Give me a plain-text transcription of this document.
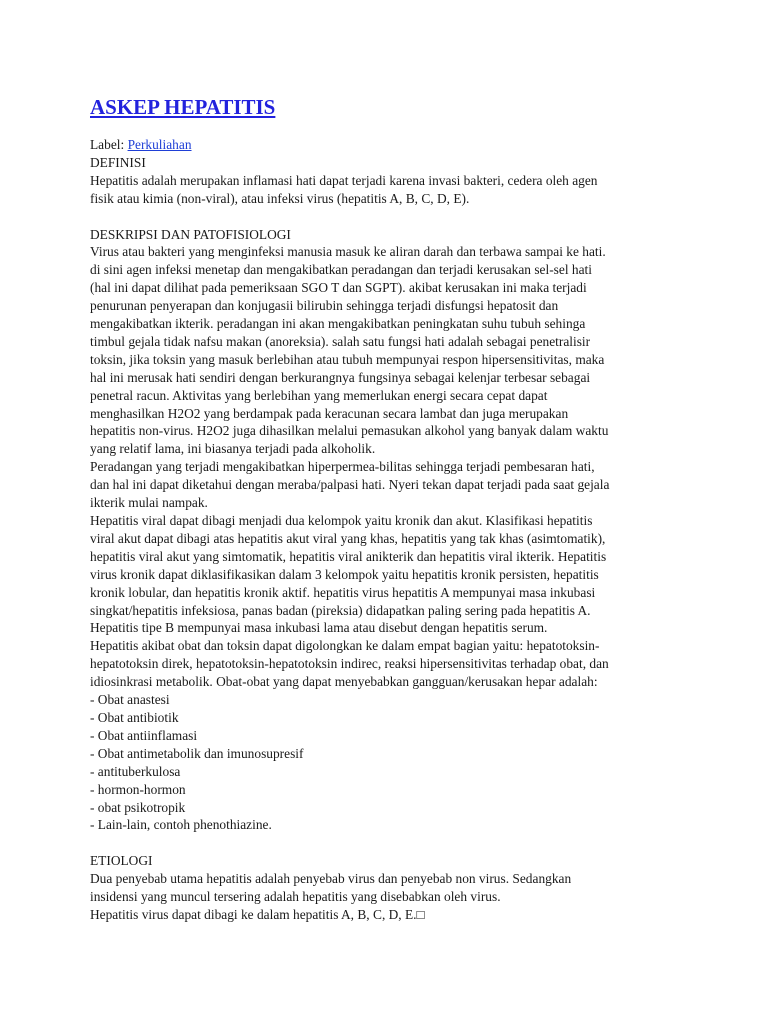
ASKEP HEPATITIS
Label: Perkuliahan
DEFINISI
Hepatitis adalah merupakan inflamasi hati dapat terjadi karena invasi bakteri, cedera oleh agen
fisik atau kimia (non-viral), atau infeksi virus (hepatitis A, B, C, D, E).
DESKRIPSI DAN PATOFISIOLOGI
Virus atau bakteri yang menginfeksi manusia masuk ke aliran darah dan terbawa sampai ke hati.
di sini agen infeksi menetap dan mengakibatkan peradangan dan terjadi kerusakan sel-sel hati
(hal ini dapat dilihat pada pemeriksaan SGO T dan SGPT). akibat kerusakan ini maka terjadi
penurunan penyerapan dan konjugasii bilirubin sehingga terjadi disfungsi hepatosit dan
mengakibatkan ikterik. peradangan ini akan mengakibatkan peningkatan suhu tubuh sehinga
timbul gejala tidak nafsu makan (anoreksia). salah satu fungsi hati adalah sebagai penetralisir
toksin, jika toksin yang masuk berlebihan atau tubuh mempunyai respon hipersensitivitas, maka
hal ini merusak hati sendiri dengan berkurangnya fungsinya sebagai kelenjar terbesar sebagai
penetral racun. Aktivitas yang berlebihan yang memerlukan energi secara cepat dapat
menghasilkan H2O2 yang berdampak pada keracunan secara lambat dan juga merupakan
hepatitis non-virus. H2O2 juga dihasilkan melalui pemasukan alkohol yang banyak dalam waktu
yang relatif lama, ini biasanya terjadi pada alkoholik.
Peradangan yang terjadi mengakibatkan hiperpermea-bilitas sehingga terjadi pembesaran hati,
dan hal ini dapat diketahui dengan meraba/palpasi hati. Nyeri tekan dapat terjadi pada saat gejala
ikterik mulai nampak.
Hepatitis viral dapat dibagi menjadi dua kelompok yaitu kronik dan akut. Klasifikasi hepatitis
viral akut dapat dibagi atas hepatitis akut viral yang khas, hepatitis yang tak khas (asimtomatik),
hepatitis viral akut yang simtomatik, hepatitis viral anikterik dan hepatitis viral ikterik. Hepatitis
virus kronik dapat diklasifikasikan dalam 3 kelompok yaitu hepatitis kronik persisten, hepatitis
kronik lobular, dan hepatitis kronik aktif. hepatitis virus hepatitis A mempunyai masa inkubasi
singkat/hepatitis infeksiosa, panas badan (pireksia) didapatkan paling sering pada hepatitis A.
Hepatitis tipe B mempunyai masa inkubasi lama atau disebut dengan hepatitis serum.
Hepatitis akibat obat dan toksin dapat digolongkan ke dalam empat bagian yaitu: hepatotoksin-
hepatotoksin direk, hepatotoksin-hepatotoksin indirec, reaksi hipersensitivitas terhadap obat, dan
idiosinkrasi metabolik. Obat-obat yang dapat menyebabkan gangguan/kerusakan hepar adalah:
- Obat anastesi
- Obat antibiotik
- Obat antiinflamasi
- Obat antimetabolik dan imunosupresif
- antituberkulosa
- hormon-hormon
- obat psikotropik
- Lain-lain, contoh phenothiazine.
ETIOLOGI
Dua penyebab utama hepatitis adalah penyebab virus dan penyebab non virus. Sedangkan
insidensi yang muncul tersering adalah hepatitis yang disebabkan oleh virus.
Hepatitis virus dapat dibagi ke dalam hepatitis A, B, C, D, E.□
